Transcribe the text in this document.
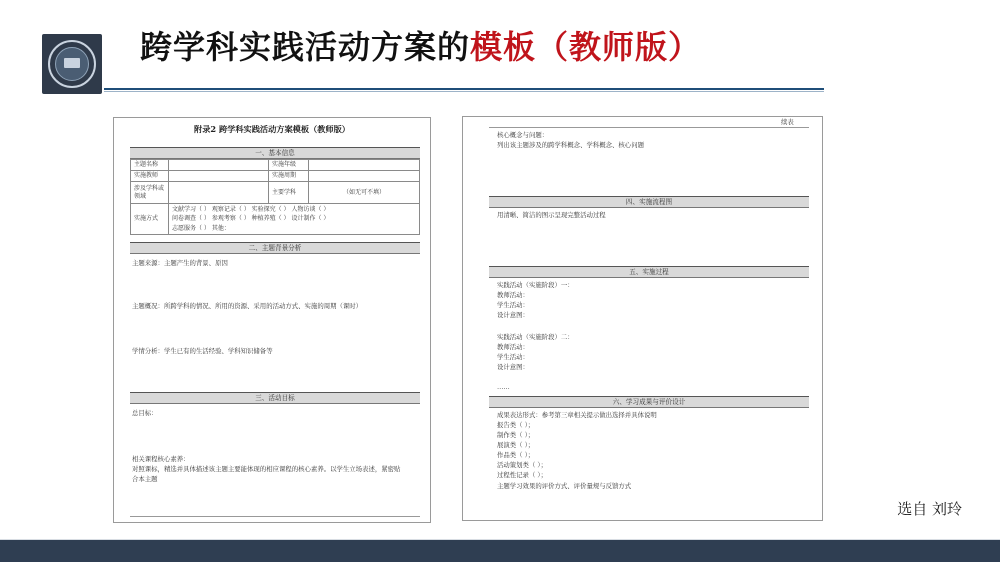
跨学科实践活动方案的模板（教师版）
附录2 跨学科实践活动方案模板（教师版）
一、基本信息
主题名称		实施年级	
实施教师		实施周期	
涉及学科或领域		主要学科	（如无可不填）
实施方式	文献学习（ ） 观察记录（ ） 实验探究（ ） 人物访谈（ ）
问卷调查（ ） 参观考察（ ） 种植养殖（ ） 设计制作（ ）
志愿服务（ ） 其他：		
二、主题背景分析
主题来源：主题产生的背景、原因
主题概况：所跨学科的情况、所用的资源、采用的活动方式、实施的周期（课时）
学情分析：学生已有的生活经验、学科知识储备等
三、活动目标
总目标：
相关课程核心素养：
对照课标，精选并具体描述该主题主要能体现的相应课程的核心素养。以学生立场表述，紧密贴
合本主题
续表
核心概念与问题：
列出该主题涉及的跨学科概念、学科概念、核心问题
四、实施流程图
用清晰、简洁的图示呈现完整活动过程
五、实施过程
实践活动（实施阶段）一：
教师活动：
学生活动：
设计意图：
实践活动（实施阶段）二：
教师活动：
学生活动：
设计意图：
……
六、学习成果与评价设计
成果表达形式：参考第三章相关提示做出选择并具体说明
报告类（ ）；
制作类（ ）；
展演类（ ）；
作品类（ ）；
活动策划类（ ）；
过程性记录（ ）；
主题学习效果的评价方式、评价量规与反馈方式
选自 刘玲
